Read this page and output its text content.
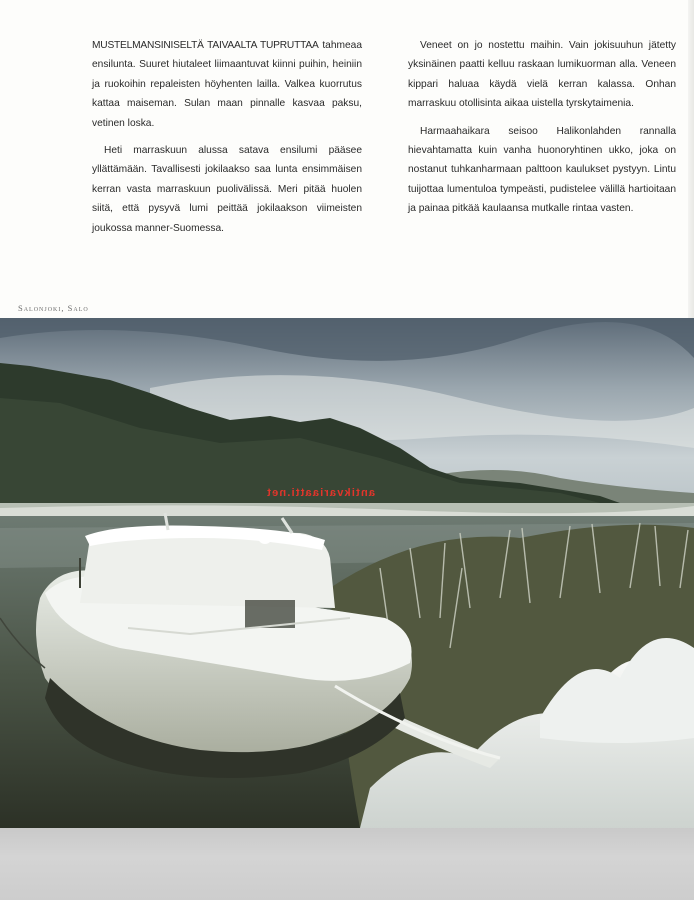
MUSTELMANSINISELTÄ TAIVAALTA TUPRUTTAA tahmeaa ensilunta. Suuret hiutaleet liimaantuvat kiinni puihin, heiniin ja ruokoihin repaleisten höyhenten lailla. Valkea kuorrutus kattaa maiseman. Sulan maan pinnalle kasvaa paksu, vetinen loska.

Heti marraskuun alussa satava ensilumi pääsee yllättämään. Tavallisesti jokilaakso saa lunta ensimmäisen kerran vasta marraskuun puolivälissä. Meri pitää huolen siitä, että pysyvä lumi peittää jokilaakson viimeisten joukossa manner-Suomessa.

Veneet on jo nostettu maihin. Vain jokisuuhun jätetty yksinäinen paatti kelluu raskaan lumikuorman alla. Veneen kippari haluaa käydä vielä kerran kalassa. Onhan marraskuu otollisinta aikaa uistella tyrskytaimenia.

Harmaahaikara seisoo Halikonlahden rannalla hievahtamatta kuin vanha huonoryhtinen ukko, joka on nostanut tuhkanharmaan palttoon kaulukset pystyyn. Lintu tuijottaa lumentuloa tympeästi, pudistelee välillä hartioitaan ja painaa pitkää kaulaansa mutkalle rintaa vasten.

Salonjoki, Salo
antikvariaatti.net
